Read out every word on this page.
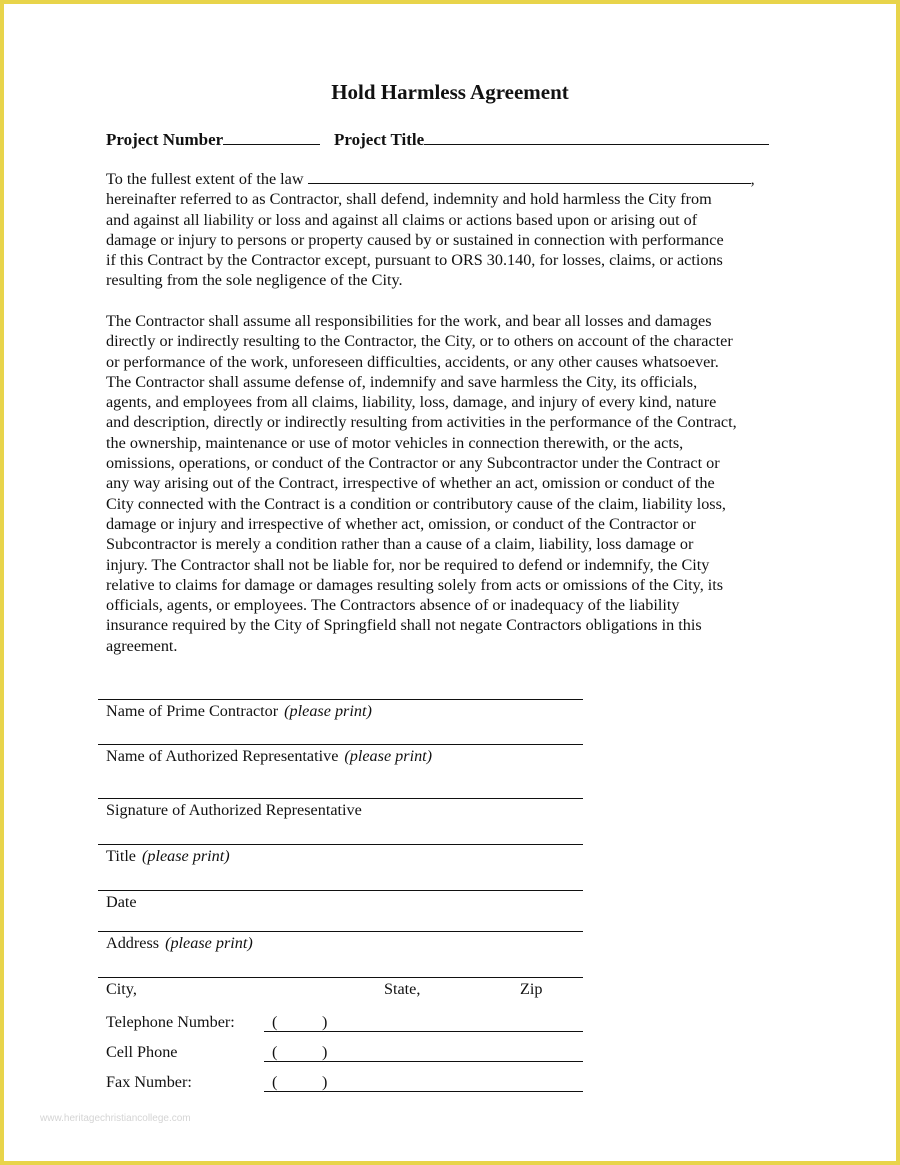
Hold Harmless Agreement
Project Number	Project Title
To the fullest extent of the law	,
hereinafter referred to as Contractor, shall defend, indemnity and hold harmless the City from
and against all liability or loss and against all claims or actions based upon or arising out of
damage or injury to persons or property caused by or sustained in connection with performance
if this Contract by the Contractor except, pursuant to ORS 30.140, for losses, claims, or actions
resulting from the sole negligence of the City.
The Contractor shall assume all responsibilities for the work, and bear all losses and damages
directly or indirectly resulting to the Contractor, the City, or to others on account of the character
or performance of the work, unforeseen difficulties, accidents, or any other causes whatsoever.
The Contractor shall assume defense of, indemnify and save harmless the City, its officials,
agents, and employees from all claims, liability, loss, damage, and injury of every kind, nature
and description, directly or indirectly resulting from activities in the performance of the Contract,
the ownership, maintenance or use of motor vehicles in connection therewith, or the acts,
omissions, operations, or conduct of the Contractor or any Subcontractor under the Contract or
any way arising out of the Contract, irrespective of whether an act, omission or conduct of the
City connected with the Contract is a condition or contributory cause of the claim, liability loss,
damage or injury and irrespective of whether act, omission, or conduct of the Contractor or
Subcontractor is merely a condition rather than a cause of a claim, liability, loss damage or
injury. The Contractor shall not be liable for, nor be required to defend or indemnify, the City
relative to claims for damage or damages resulting solely from acts or omissions of the City, its
officials, agents, or employees. The Contractors absence of or inadequacy of the liability
insurance required by the City of Springfield shall not negate Contractors obligations in this
agreement.
Name of Prime Contractor (please print)
Name of Authorized Representative (please print)
Signature of Authorized Representative
Title (please print)
Date
Address (please print)
City,	State,	Zip
Telephone Number: (	)
Cell Phone	(	)
Fax Number:	(	)
www.heritagechristiancollege.com
